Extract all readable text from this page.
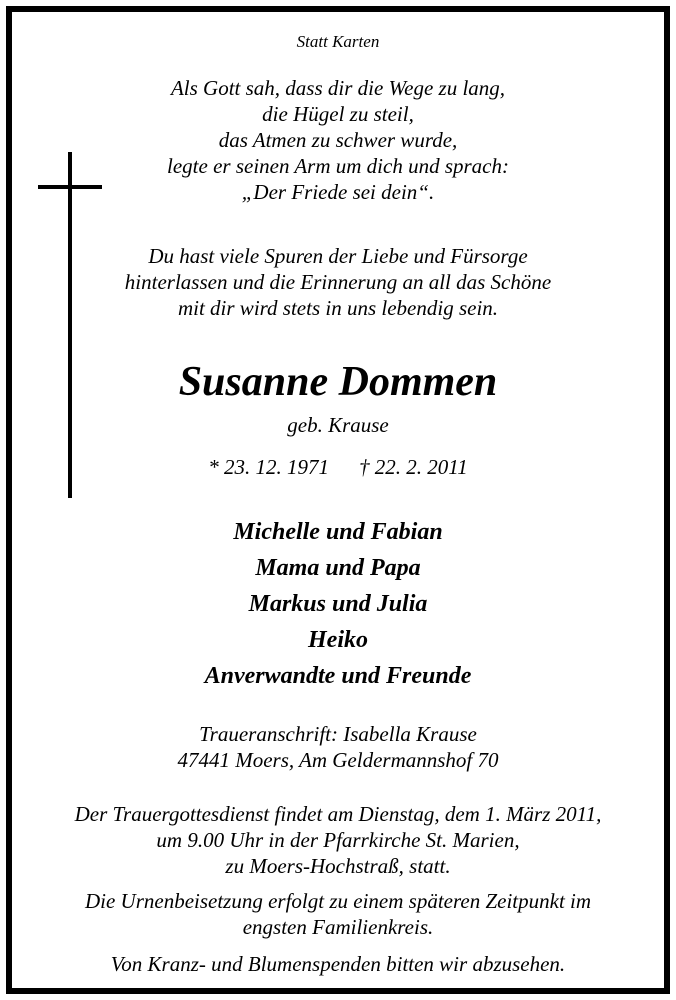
Statt Karten
Als Gott sah, dass dir die Wege zu lang,
die Hügel zu steil,
das Atmen zu schwer wurde,
legte er seinen Arm um dich und sprach:
„Der Friede sei dein“.
Du hast viele Spuren der Liebe und Fürsorge
hinterlassen und die Erinnerung an all das Schöne
mit dir wird stets in uns lebendig sein.
Susanne Dommen
geb. Krause
* 23. 12. 1971 † 22. 2. 2011
Michelle und Fabian
Mama und Papa
Markus und Julia
Heiko
Anverwandte und Freunde
Traueranschrift: Isabella Krause
47441 Moers, Am Geldermannshof 70
Der Trauergottesdienst findet am Dienstag, dem 1. März 2011,
um 9.00 Uhr in der Pfarrkirche St. Marien,
zu Moers-Hochstraß, statt.
Die Urnenbeisetzung erfolgt zu einem späteren Zeitpunkt im
engsten Familienkreis.
Von Kranz- und Blumenspenden bitten wir abzusehen.
